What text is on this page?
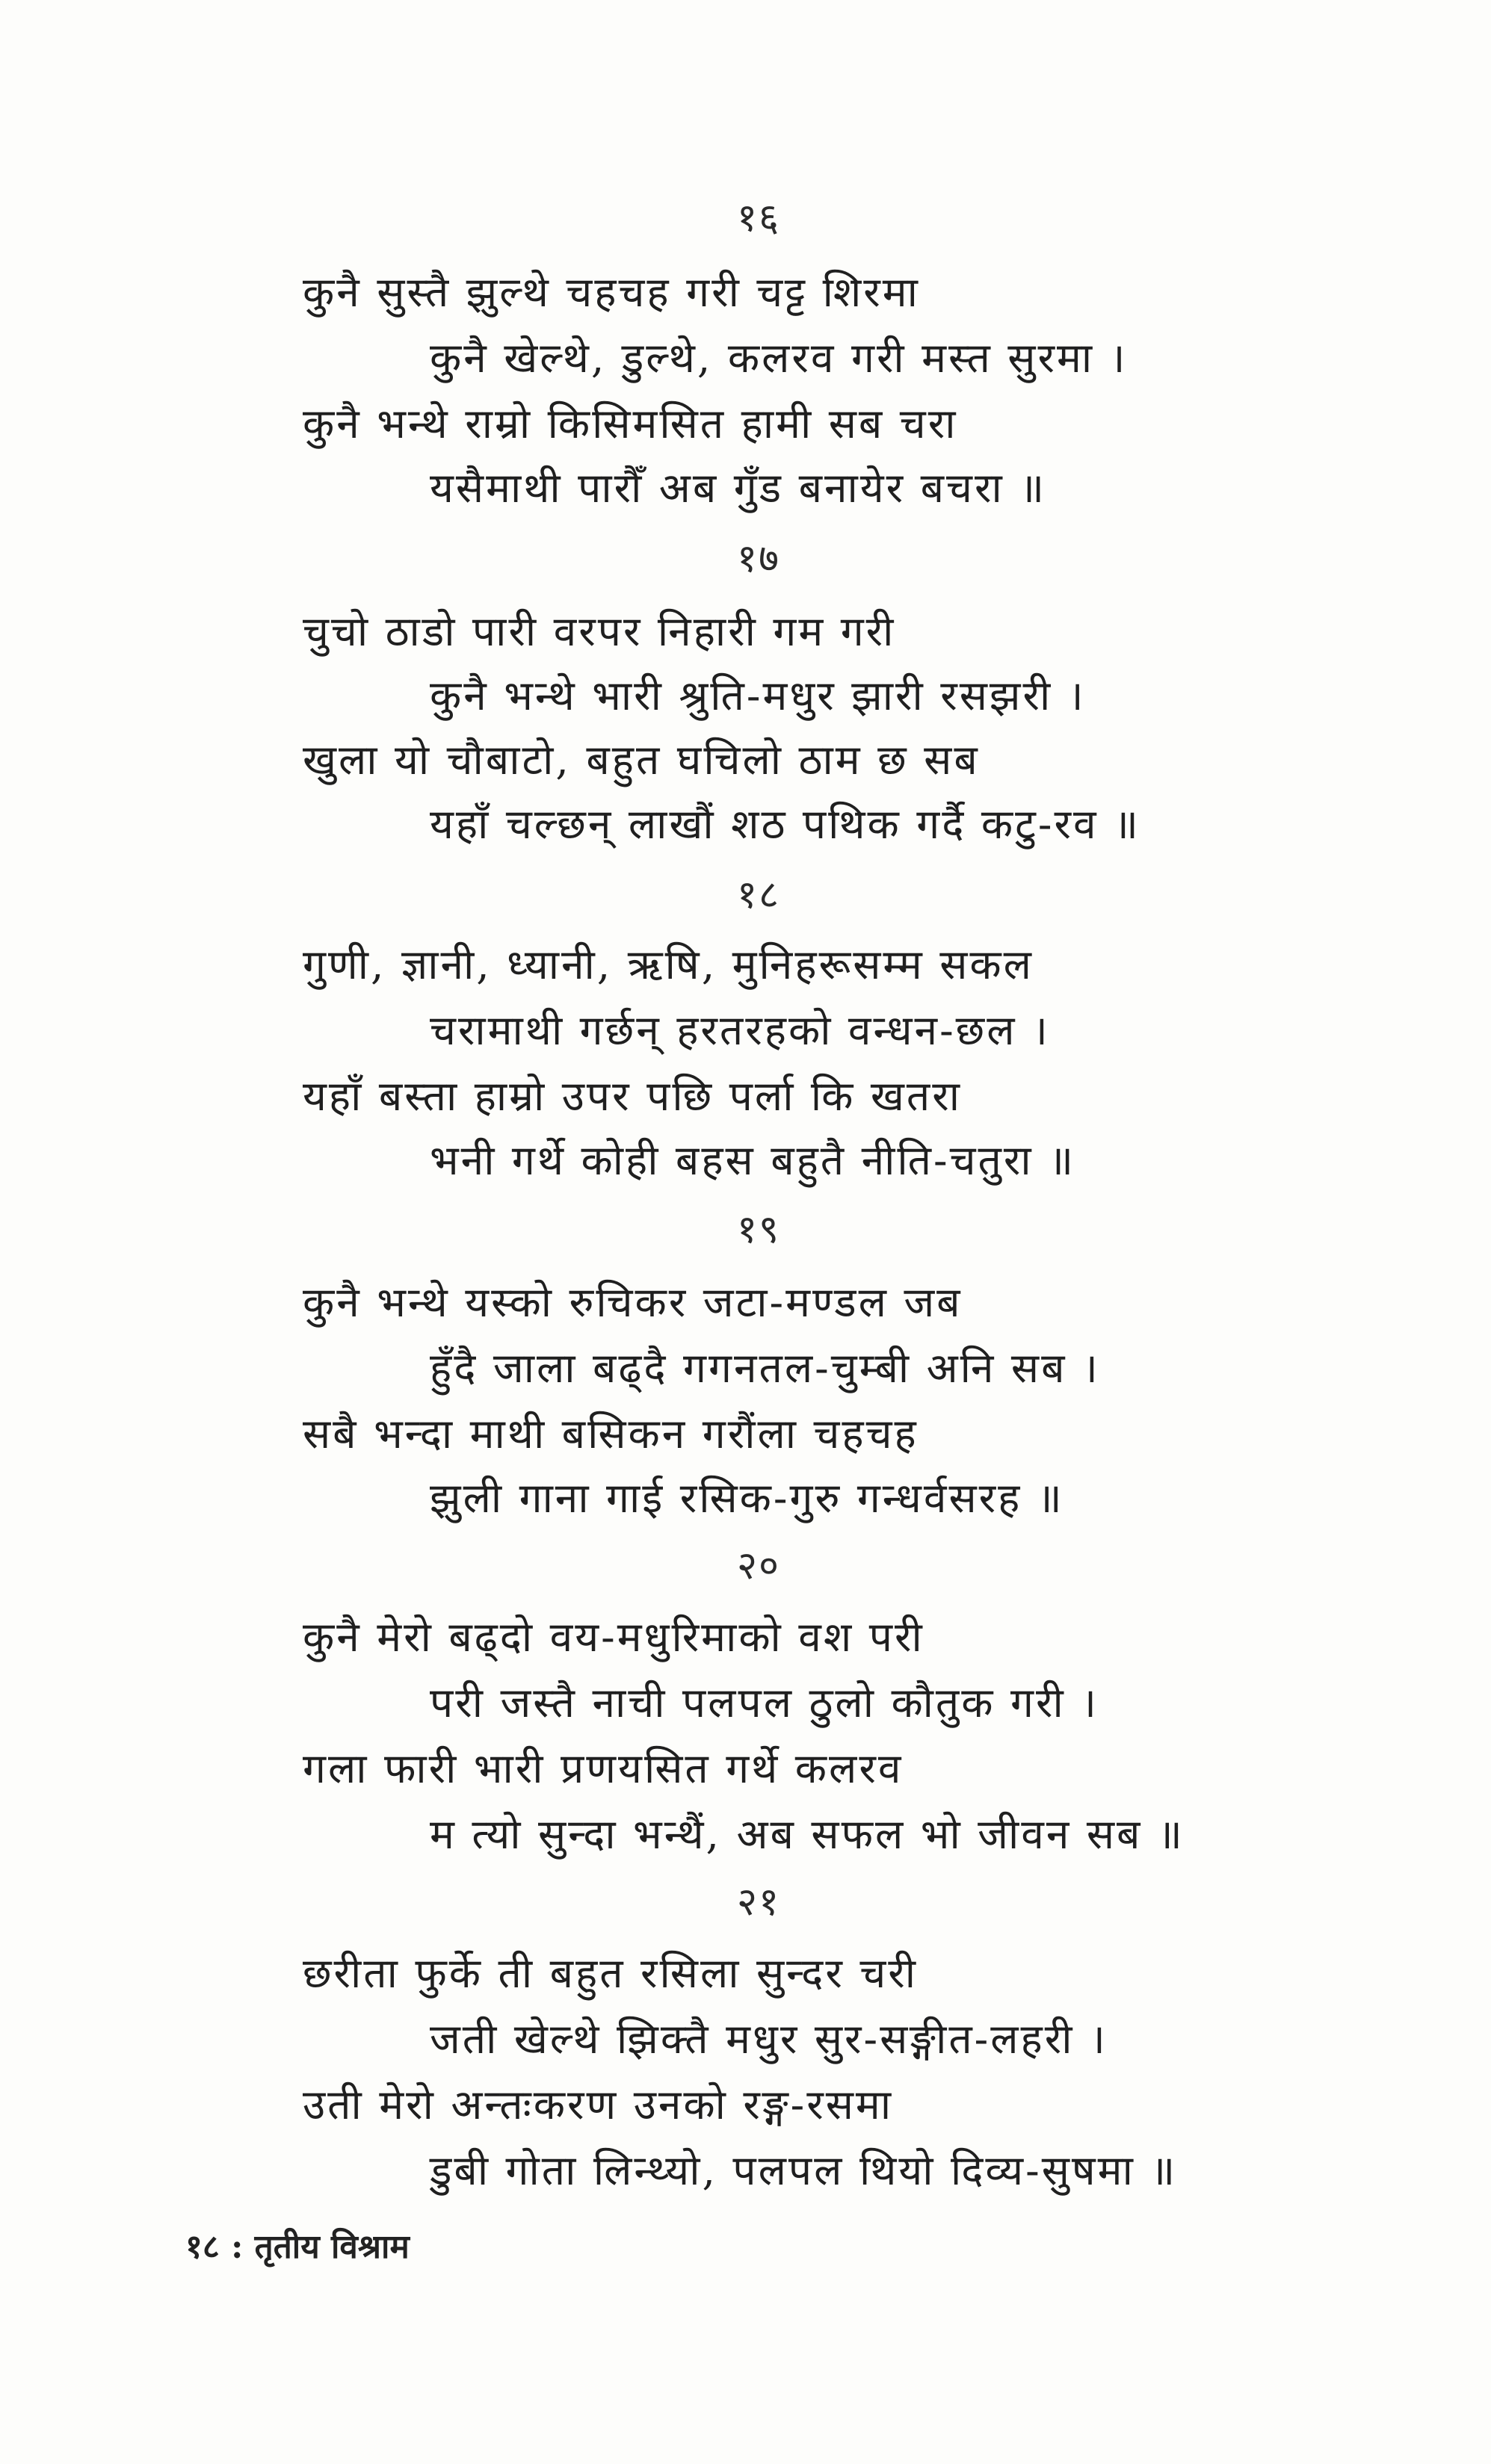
१६
कुनै सुस्तै झुल्थे चहचह गरी चट्ट शिरमा
कुनै खेल्थे, डुल्थे, कलरव गरी मस्त सुरमा ।
कुनै भन्थे राम्रो किसिमसित हामी सब चरा
यसैमाथी पारौँ अब गुँड बनायेर बचरा ॥
१७
चुचो ठाडो पारी वरपर निहारी गम गरी
कुनै भन्थे भारी श्रुति-मधुर झारी रसझरी ।
खुला यो चौबाटो, बहुत घचिलो ठाम छ सब
यहाँ चल्छन् लाखौं शठ पथिक गर्दै कटु-रव ॥
१८
गुणी, ज्ञानी, ध्यानी, ऋषि, मुनिहरूसम्म सकल
चरामाथी गर्छन् हरतरहको वन्धन-छल ।
यहाँ बस्ता हाम्रो उपर पछि पर्ला कि खतरा
भनी गर्थे कोही बहस बहुतै नीति-चतुरा ॥
१९
कुनै भन्थे यस्को रुचिकर जटा-मण्डल जब
हुँदै जाला बढ्दै गगनतल-चुम्बी अनि सब ।
सबै भन्दा माथी बसिकन गरौंला चहचह
झुली गाना गाई रसिक-गुरु गन्धर्वसरह ॥
२०
कुनै मेरो बढ्दो वय-मधुरिमाको वश परी
परी जस्तै नाची पलपल ठुलो कौतुक गरी ।
गला फारी भारी प्रणयसित गर्थे कलरव
म त्यो सुन्दा भन्थैं, अब सफल भो जीवन सब ॥
२१
छरीता फुर्के ती बहुत रसिला सुन्दर चरी
जती खेल्थे झिक्तै मधुर सुर-सङ्गीत-लहरी ।
उती मेरो अन्तःकरण उनको रङ्ग-रसमा
डुबी गोता लिन्थ्यो, पलपल थियो दिव्य-सुषमा ॥
१८ : तृतीय विश्राम
